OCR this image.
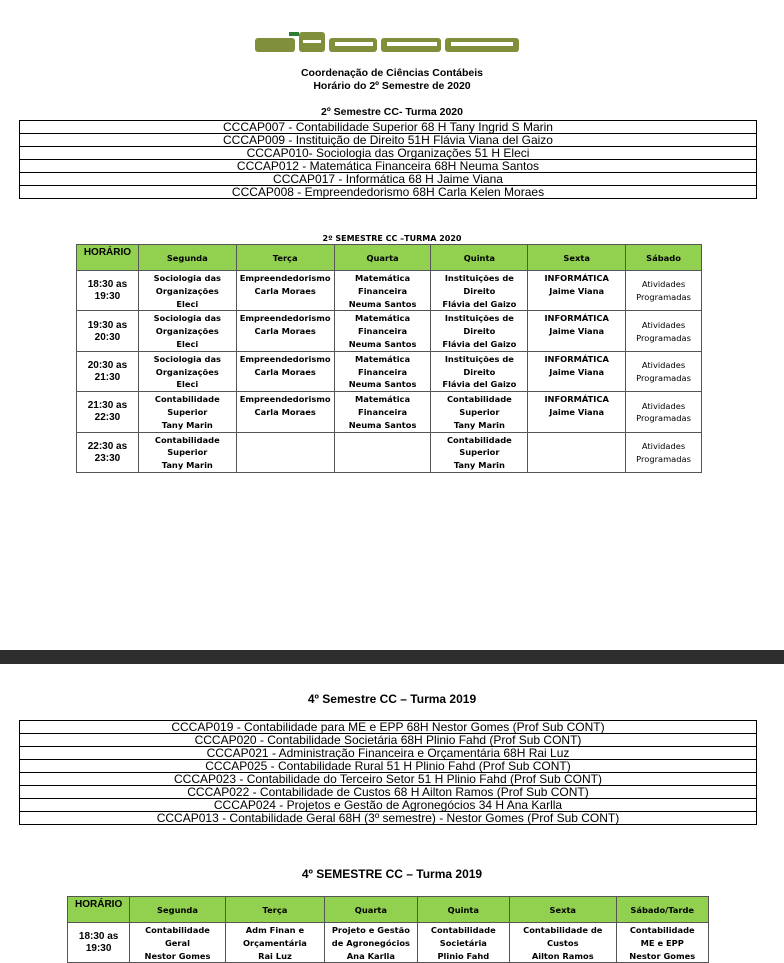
Coordenação de Ciências Contábeis
Horário do 2º Semestre de 2020
2º Semestre CC- Turma 2020
CCCAP007 - Contabilidade Superior 68 H Tany Ingrid S Marin
CCCAP009 - Instituição de Direito 51H Flávia Viana del Gaizo
CCCAP010- Sociologia das Organizações 51 H Eleci
CCCAP012 - Matemática Financeira 68H Neuma Santos
CCCAP017 - Informática 68 H Jaime Viana
CCCAP008 - Empreendedorismo 68H Carla Kelen Moraes
2º SEMESTRE CC –TURMA 2020
HORÁRIO	Segunda	Terça	Quarta	Quinta	Sexta	Sábado

18:30 as
19:30	Sociologia das
Organizações
Eleci	Empreendedorismo
Carla Moraes	Matemática
Financeira
Neuma Santos	Instituições de
Direito
Flávia del Gaizo	INFORMÁTICA
Jaime Viana	Atividades
Programadas

19:30 as
20:30	Sociologia das
Organizações
Eleci	Empreendedorismo
Carla Moraes	Matemática
Financeira
Neuma Santos	Instituições de
Direito
Flávia del Gaizo	INFORMÁTICA
Jaime Viana	Atividades
Programadas

20:30 as
21:30	Sociologia das
Organizações
Eleci	Empreendedorismo
Carla Moraes	Matemática
Financeira
Neuma Santos	Instituições de
Direito
Flávia del Gaizo	INFORMÁTICA
Jaime Viana	Atividades
Programadas

21:30 as
22:30	Contabilidade
Superior
Tany Marin	Empreendedorismo
Carla Moraes	Matemática
Financeira
Neuma Santos	Contabilidade
Superior
Tany Marin	INFORMÁTICA
Jaime Viana	Atividades
Programadas

22:30 as
23:30	Contabilidade
Superior
Tany Marin			Contabilidade
Superior
Tany Marin		Atividades
Programadas
4º Semestre CC – Turma 2019
CCCAP019 - Contabilidade para ME e EPP 68H Nestor Gomes (Prof Sub CONT)
CCCAP020 - Contabilidade Societária 68H Plinio Fahd (Prof Sub CONT)
CCCAP021 - Administração Financeira e Orçamentária 68H Rai Luz
CCCAP025 - Contabilidade Rural 51 H Plinio Fahd (Prof Sub CONT)
CCCAP023 - Contabilidade do Terceiro Setor 51 H Plinio Fahd (Prof Sub CONT)
CCCAP022 - Contabilidade de Custos 68 H Ailton Ramos (Prof Sub CONT)
CCCAP024 - Projetos e Gestão de Agronegócios 34 H Ana Karlla
CCCAP013 - Contabilidade Geral 68H (3º semestre) - Nestor Gomes (Prof Sub CONT)
4º SEMESTRE CC – Turma 2019
HORÁRIO	Segunda	Terça	Quarta	Quinta	Sexta	Sábado/Tarde

18:30 as
19:30	Contabilidade
Geral
Nestor Gomes	Adm Finan e
Orçamentária
Rai Luz	Projeto e Gestão
de Agronegócios
Ana Karlla	Contabilidade
Societária
Plinio Fahd	Contabilidade de
Custos
Ailton Ramos	Contabilidade
ME e EPP
Nestor Gomes
